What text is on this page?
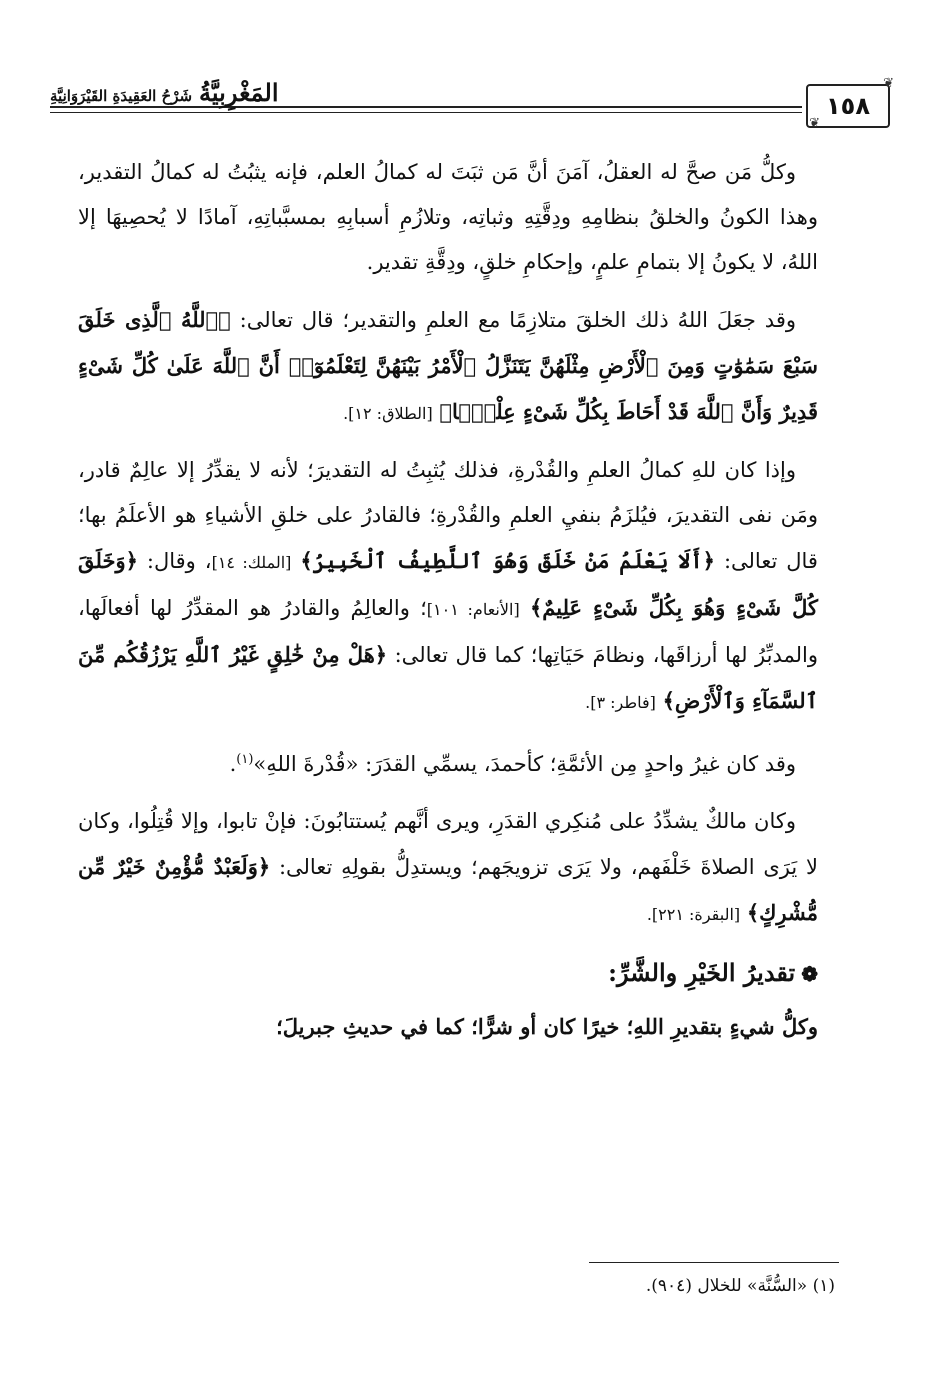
المَغْرِبِيَّةُ شَرْحُ العَقِيدَةِ القَيْرَوَانِيَّةِ	١٥٨
❦
❦

وكلُّ مَن صحَّ له العقلُ، آمَنَ أنَّ مَن ثبَتَ له كمالُ العلم، فإنه يثبُتُ له كمالُ التقدير، وهذا الكونُ والخلقُ بنظامِهِ ودِقَّتِهِ وثباتِه، وتلازُمِ أسبابِهِ بمسبَّباتِهِ، آمادًا لا يُحصِيهَا إلا اللهُ، لا يكونُ إلا بتمامِ علمٍ، وإحكامِ خلقٍ، ودِقَّةِ تقدير.

وقد جعَلَ اللهُ ذلك الخلقَ متلازِمًا مع العلمِ والتقدير؛ قال تعالى: ﴿ٱللَّهُ ٱلَّذِى خَلَقَ سَبْعَ سَمَٰوَٰتٍ وَمِنَ ٱلْأَرْضِ مِثْلَهُنَّ يَتَنَزَّلُ ٱلْأَمْرُ بَيْنَهُنَّ لِتَعْلَمُوٓا۟ أَنَّ ٱللَّهَ عَلَىٰ كُلِّ شَىْءٍ قَدِيرٌ وَأَنَّ ٱللَّهَ قَدْ أَحَاطَ بِكُلِّ شَىْءٍ عِلْمًۢا﴾ [الطلاق: ١٢].

وإذا كان للهِ كمالُ العلمِ والقُدْرةِ، فذلك يُثبِتُ له التقديرَ؛ لأنه لا يقدِّرُ إلا عالِمٌ قادر، ومَن نفى التقديرَ، فيُلزَمُ بنفيِ العلمِ والقُدْرةِ؛ فالقادرُ على خلقِ الأشياءِ هو الأعلَمُ بها؛ قال تعالى: ﴿أَلَا يَعْلَمُ مَنْ خَلَقَ وَهُوَ ٱللَّطِيفُ ٱلْخَبِيرُ﴾ [الملك: ١٤]، وقال: ﴿وَخَلَقَ كُلَّ شَىْءٍ وَهُوَ بِكُلِّ شَىْءٍ عَلِيمٌ﴾ [الأنعام: ١٠١]؛ والعالِمُ والقادرُ هو المقدِّرُ لها أفعالَها، والمدبِّرُ لها أرزاقَها، ونظامَ حَيَاتِها؛ كما قال تعالى: ﴿هَلْ مِنْ خَٰلِقٍ غَيْرُ ٱللَّهِ يَرْزُقُكُم مِّنَ ٱلسَّمَآءِ وَٱلْأَرْضِ﴾ [فاطر: ٣].

وقد كان غيرُ واحدٍ مِن الأئمَّةِ؛ كأحمدَ، يسمِّي القدَرَ: «قُدْرةَ اللهِ»$^{(١)}$.

وكان مالكٌ يشدِّدُ على مُنكِري القدَرِ، ويرى أنَّهم يُستتابُونَ: فإنْ تابوا، وإلا قُتِلُوا، وكان لا يَرَى الصلاةَ خَلْفَهم، ولا يَرَى تزويجَهم؛ ويستدِلُّ بقولِهِ تعالى: ﴿وَلَعَبْدٌ مُّؤْمِنٌ خَيْرٌ مِّن مُّشْرِكٍ﴾ [البقرة: ٢٢١].

❁تقديرُ الخَيْرِ والشَّرِّ:

وكلُّ شيءٍ بتقديرِ اللهِ؛ خيرًا كان أو شرًّا؛ كما في حديثِ جبريلَ؛

(١) «السُّنَّة» للخلال (٩٠٤).
